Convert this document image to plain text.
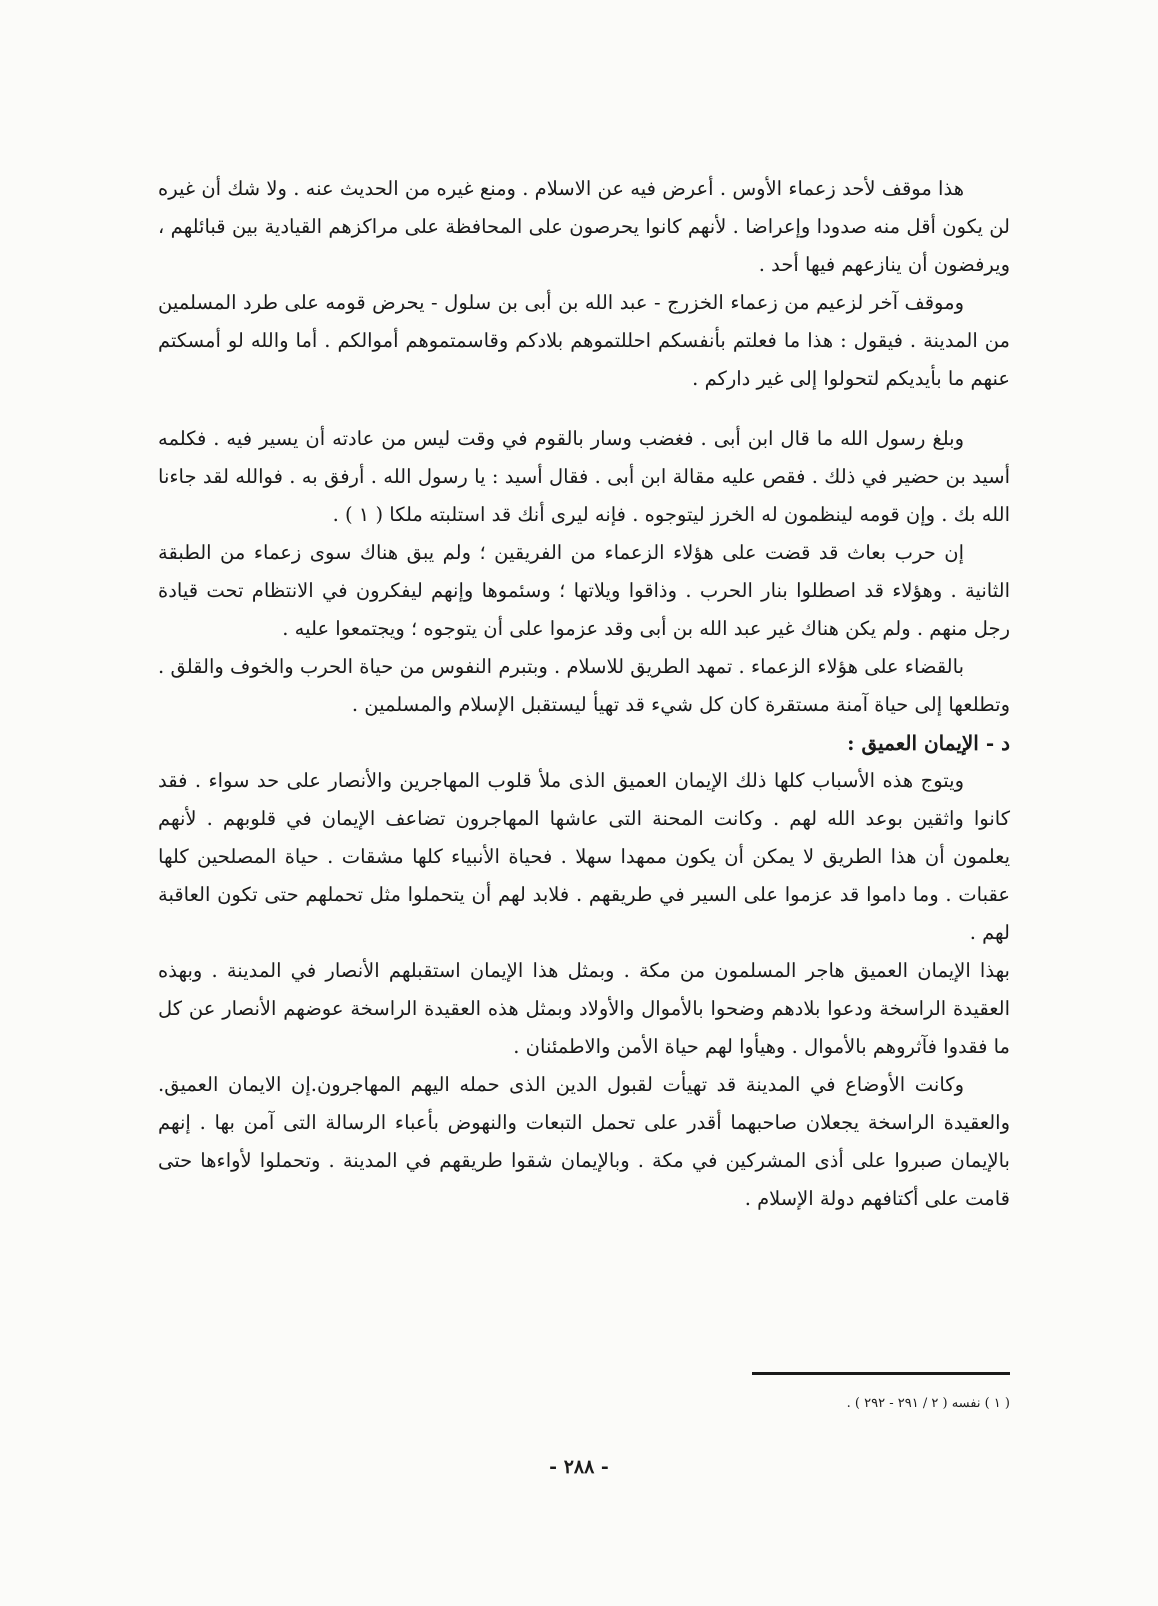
هذا موقف لأحد زعماء الأوس . أعرض فيه عن الاسلام . ومنع غيره من الحديث عنه . ولا شك أن غيره لن يكون أقل منه صدودا وإعراضا . لأنهم كانوا يحرصون على المحافظة على مراكزهم القيادية بين قبائلهم ، ويرفضون أن ينازعهم فيها أحد .

وموقف آخر لزعيم من زعماء الخزرج - عبد الله بن أبى بن سلول - يحرض قومه على طرد المسلمين من المدينة . فيقول : هذا ما فعلتم بأنفسكم احللتموهم بلادكم وقاسمتموهم أموالكم . أما والله لو أمسكتم عنهم ما بأيديكم لتحولوا إلى غير داركم .

وبلغ رسول الله ما قال ابن أبى . فغضب وسار بالقوم في وقت ليس من عادته أن يسير فيه . فكلمه أسيد بن حضير في ذلك . فقص عليه مقالة ابن أبى . فقال أسيد : يا رسول الله . أرفق به . فوالله لقد جاءنا الله بك . وإن قومه لينظمون له الخرز ليتوجوه . فإنه ليرى أنك قد استلبته ملكا ( ١ ) .

إن حرب بعاث قد قضت على هؤلاء الزعماء من الفريقين ؛ ولم يبق هناك سوى زعماء من الطبقة الثانية . وهؤلاء قد اصطلوا بنار الحرب . وذاقوا ويلاتها ؛ وسئموها وإنهم ليفكرون في الانتظام تحت قيادة رجل منهم . ولم يكن هناك غير عبد الله بن أبى وقد عزموا على أن يتوجوه ؛ ويجتمعوا عليه .

بالقضاء على هؤلاء الزعماء . تمهد الطريق للاسلام . وبتبرم النفوس من حياة الحرب والخوف والقلق . وتطلعها إلى حياة آمنة مستقرة كان كل شيء قد تهيأ ليستقبل الإسلام والمسلمين .

د - الإيمان العميق :

ويتوج هذه الأسباب كلها ذلك الإيمان العميق الذى ملأ قلوب المهاجرين والأنصار على حد سواء . فقد كانوا واثقين بوعد الله لهم . وكانت المحنة التى عاشها المهاجرون تضاعف الإيمان في قلوبهم . لأنهم يعلمون أن هذا الطريق لا يمكن أن يكون ممهدا سهلا . فحياة الأنبياء كلها مشقات . حياة المصلحين كلها عقبات . وما داموا قد عزموا على السير في طريقهم . فلابد لهم أن يتحملوا مثل تحملهم حتى تكون العاقبة لهم .

بهذا الإيمان العميق هاجر المسلمون من مكة . وبمثل هذا الإيمان استقبلهم الأنصار في المدينة . وبهذه العقيدة الراسخة ودعوا بلادهم وضحوا بالأموال والأولاد وبمثل هذه العقيدة الراسخة عوضهم الأنصار عن كل ما فقدوا فآثروهم بالأموال . وهيأوا لهم حياة الأمن والاطمئنان .

وكانت الأوضاع في المدينة قد تهيأت لقبول الدين الذى حمله اليهم المهاجرون.إن الايمان العميق. والعقيدة الراسخة يجعلان صاحبهما أقدر على تحمل التبعات والنهوض بأعباء الرسالة التى آمن بها . إنهم بالإيمان صبروا على أذى المشركين في مكة . وبالإيمان شقوا طريقهم في المدينة . وتحملوا لأواءها حتى قامت على أكتافهم دولة الإسلام .

( ١ ) نفسه ( ٢ / ٢٩١ - ٢٩٢ ) .
- ٢٨٨ -
